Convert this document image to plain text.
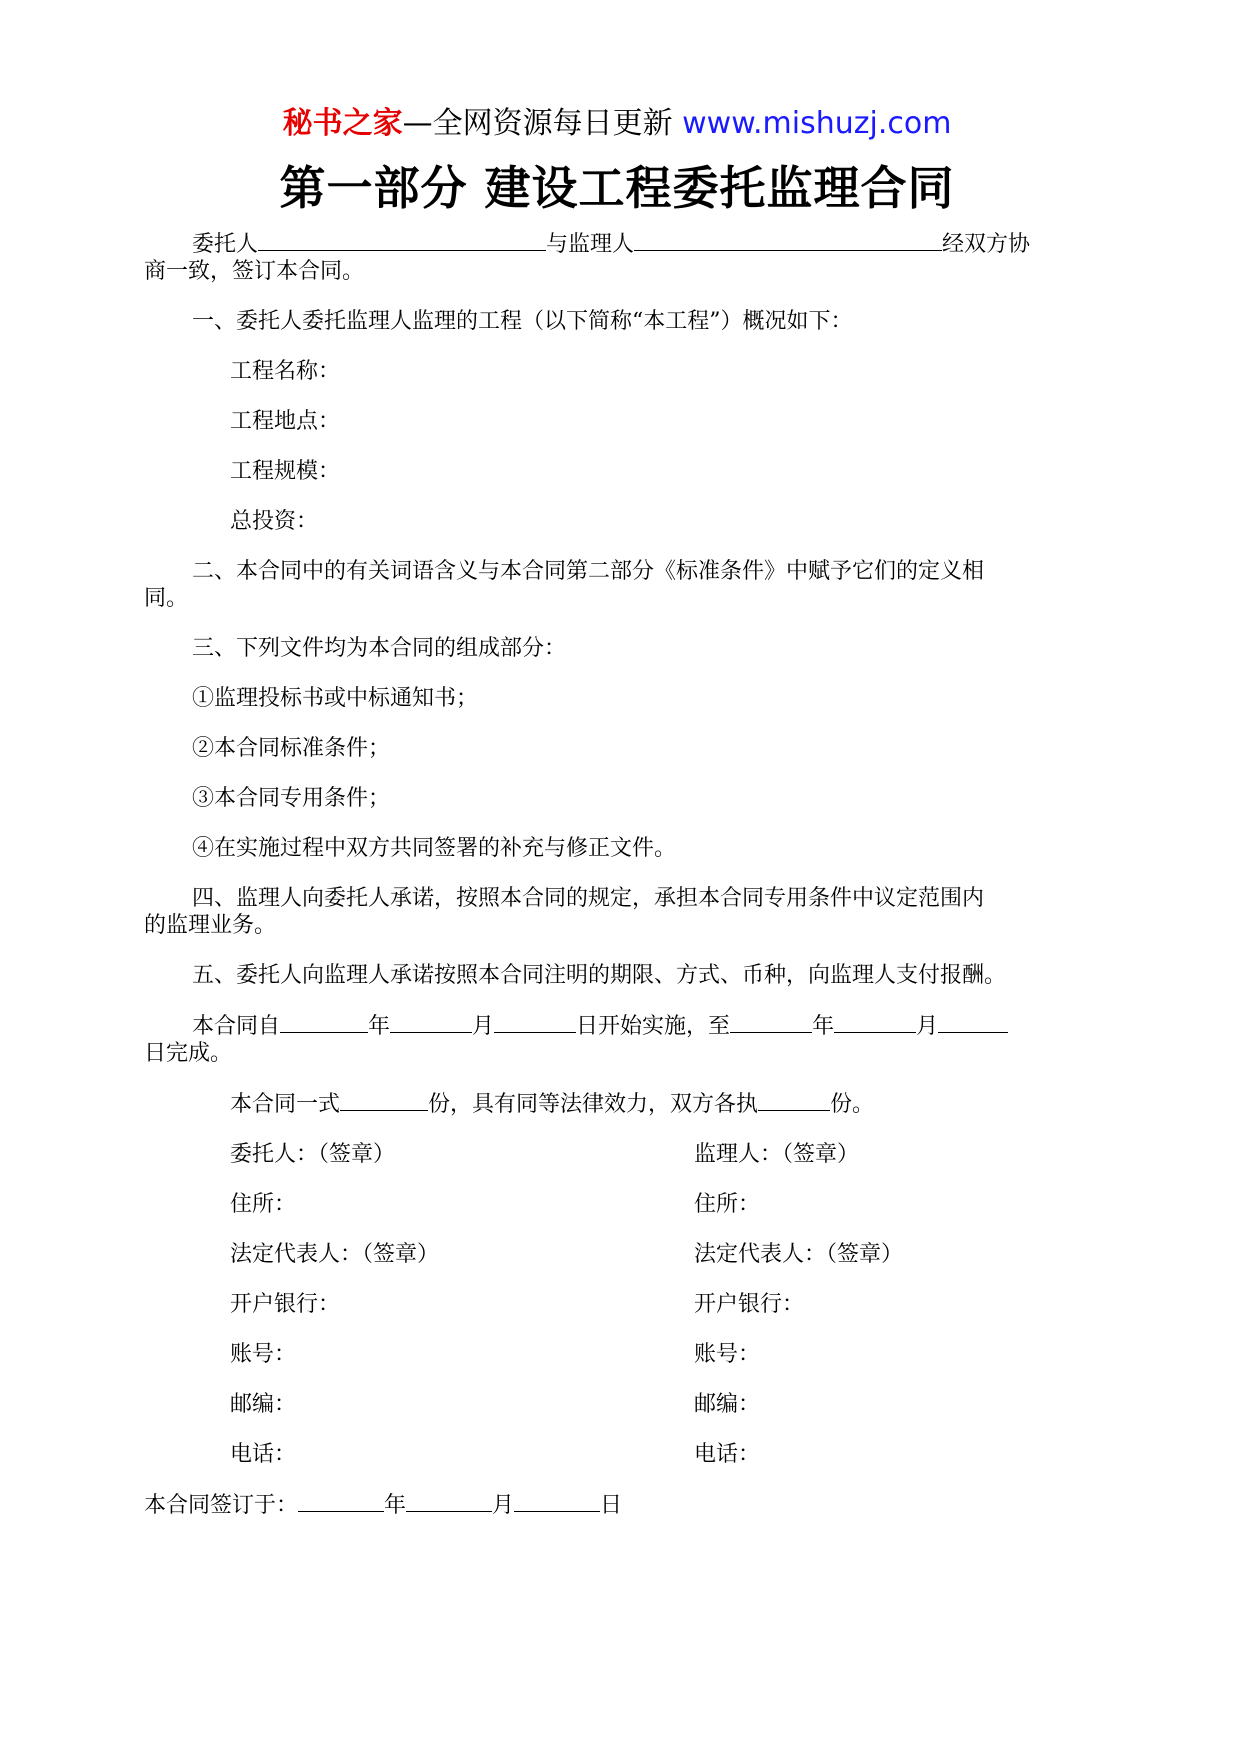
秘书之家—全网资源每日更新 www.mishuzj.com
第一部分 建设工程委托监理合同

委托人	与监理人	经双方协

商一致，签订本合同。

一、委托人委托监理人监理的工程（以下简称“本工程”）概况如下：

工程名称：

工程地点：

工程规模：

总投资：

二、本合同中的有关词语含义与本合同第二部分《标准条件》中赋予它们的定义相

同。

三、下列文件均为本合同的组成部分：

①监理投标书或中标通知书；

②本合同标准条件；

③本合同专用条件；

④在实施过程中双方共同签署的补充与修正文件。

四、监理人向委托人承诺，按照本合同的规定，承担本合同专用条件中议定范围内

的监理业务。

五、委托人向监理人承诺按照本合同注明的期限、方式、币种，向监理人支付报酬。

本合同自	年	月	日开始实施，至	年	月

日完成。

本合同一式	份，具有同等法律效力，双方各执	份。

委托人：（签章）	监理人：（签章）
住所：	住所：
法定代表人：（签章）	法定代表人：（签章）
开户银行：	开户银行：
账号：	账号：
邮编：	邮编：
电话：	电话：

本合同签订于：	年	月	日
